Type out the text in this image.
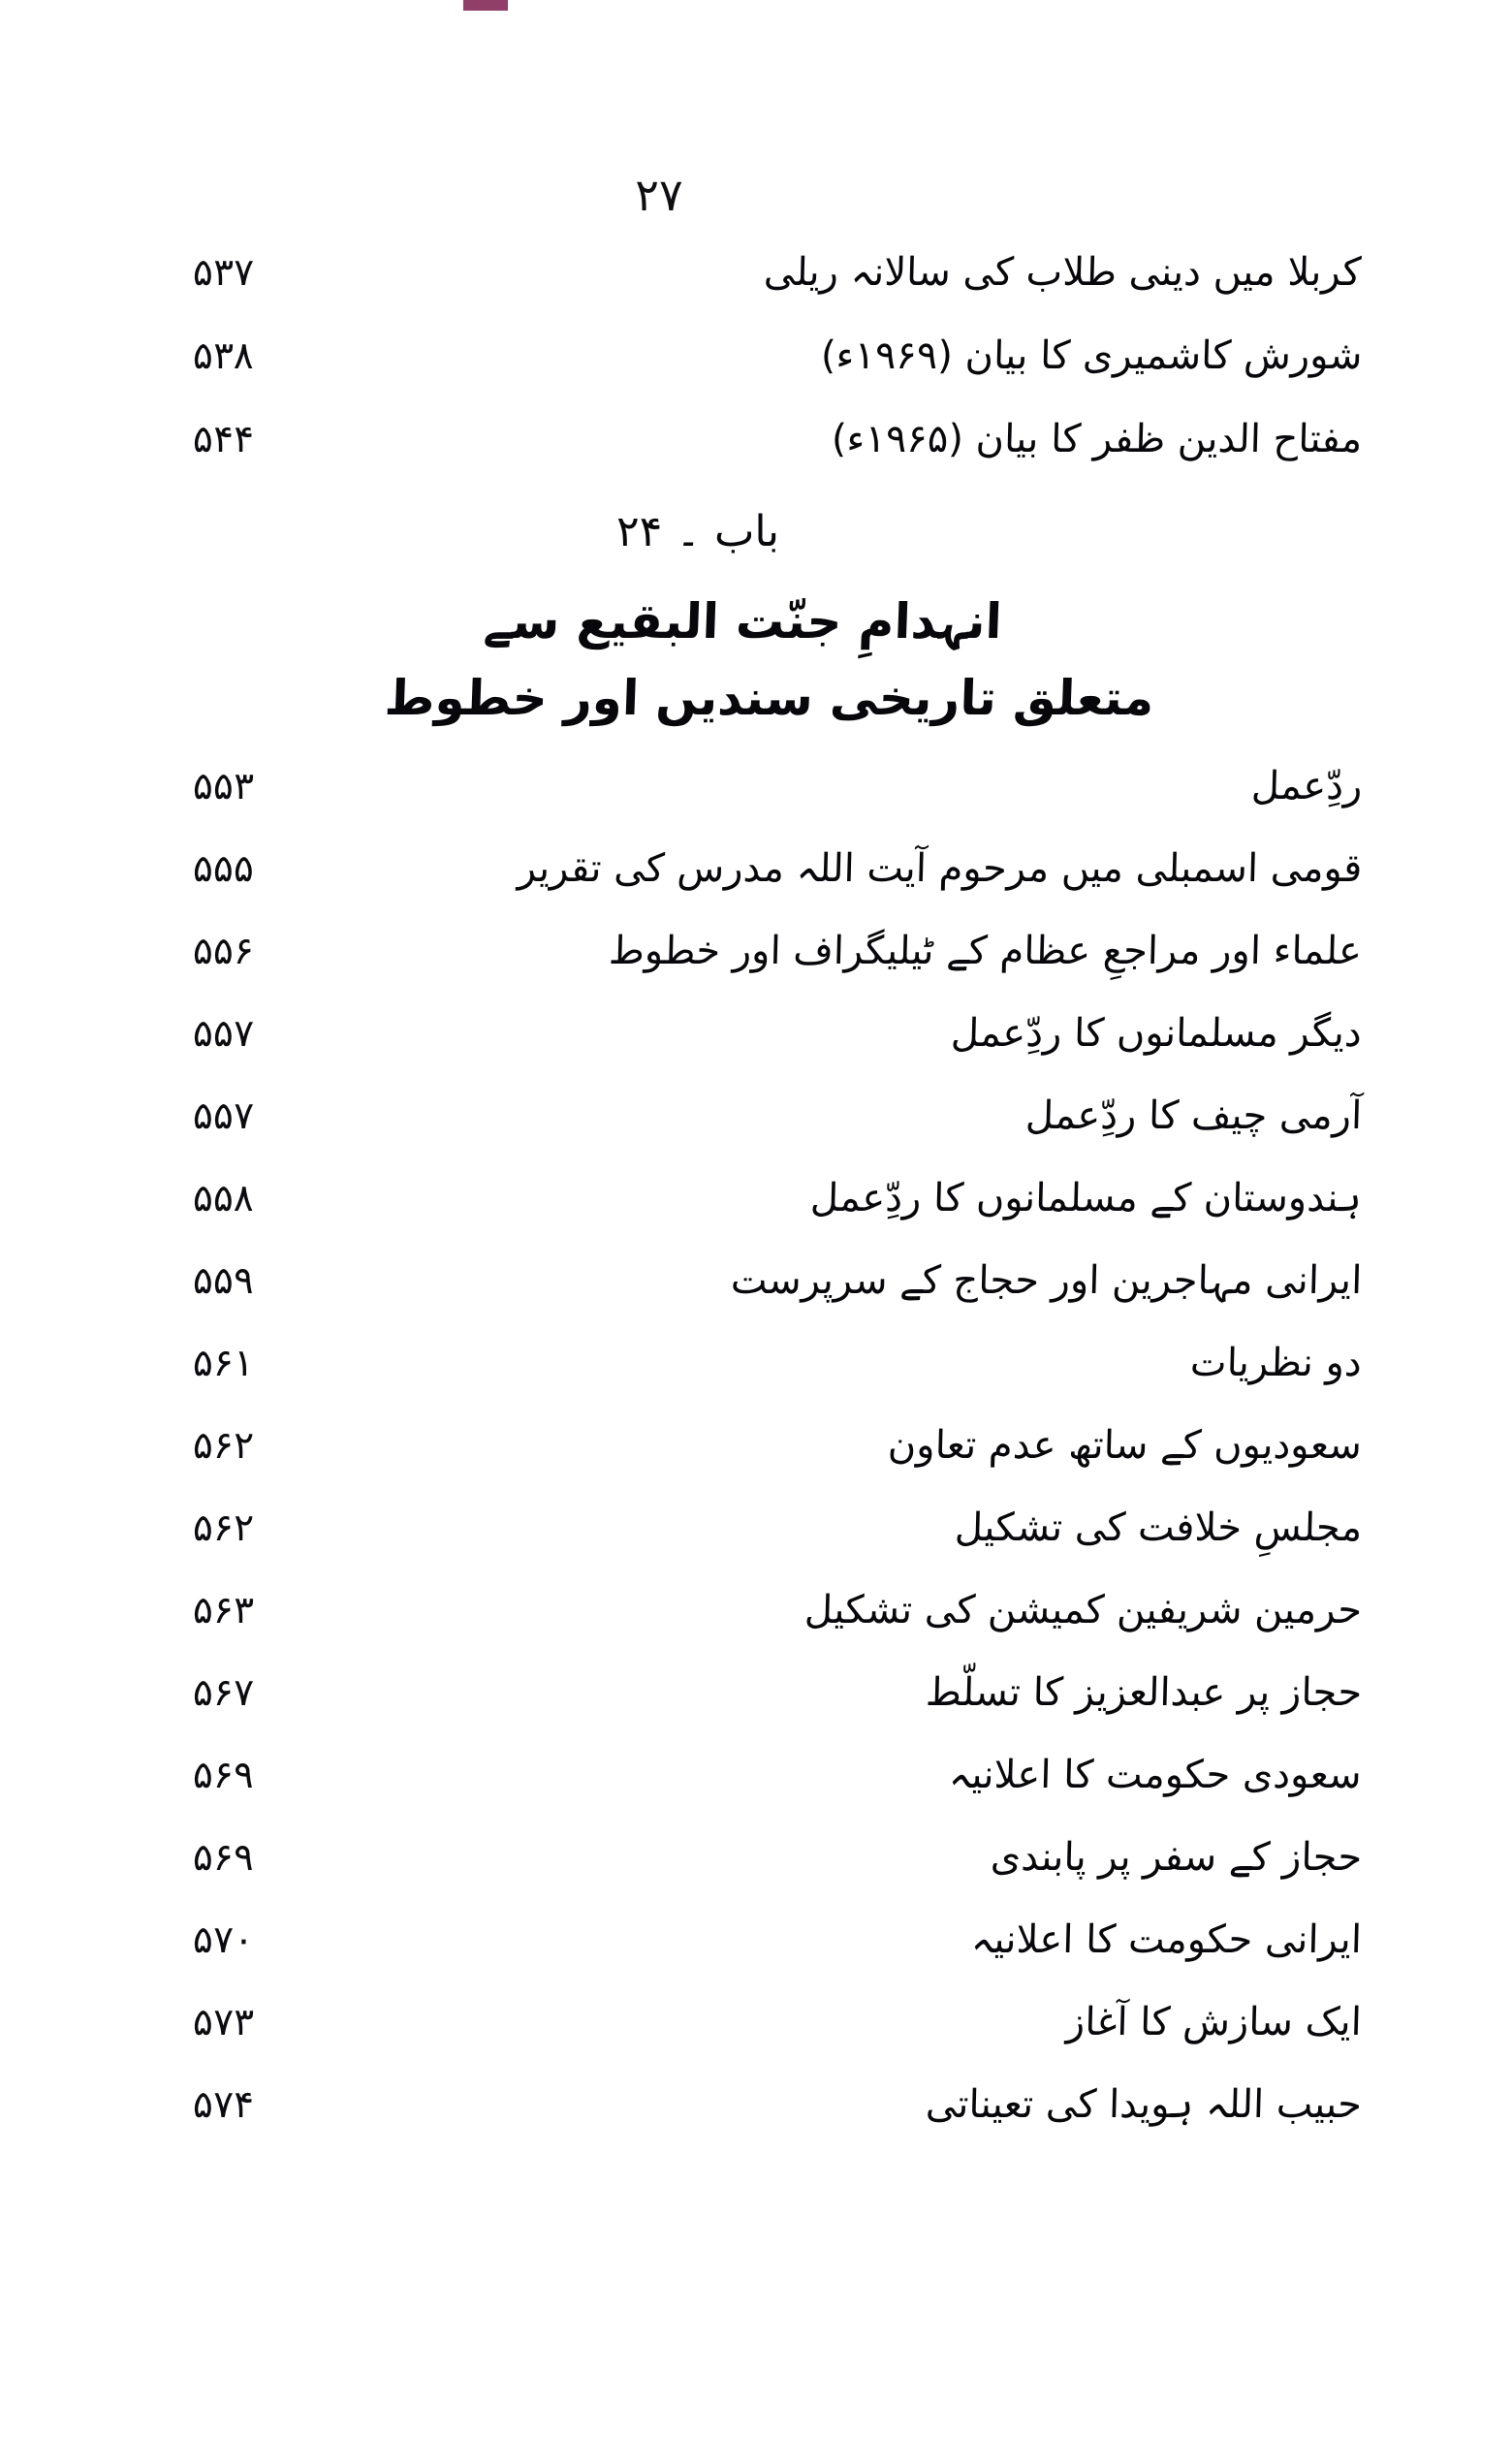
۲۷
کربلا میں دینی طلاب کی سالانہ ریلی
۵۳۷
شورش کاشمیری کا بیان (۱۹۶۹ء)
۵۳۸
مفتاح الدین ظفر کا بیان (۱۹۶۵ء)
۵۴۴
باب ۔ ۲۴
انہدامِ جنّت البقیع سے
متعلق تاریخی سندیں اور خطوط
ردِّعمل
۵۵۳
قومی اسمبلی میں مرحوم آیت اللہ مدرس کی تقریر
۵۵۵
علماء اور مراجعِ عظام کے ٹیلیگراف اور خطوط
۵۵۶
دیگر مسلمانوں کا ردِّعمل
۵۵۷
آرمی چیف کا ردِّعمل
۵۵۷
ہندوستان کے مسلمانوں کا ردِّعمل
۵۵۸
ایرانی مہاجرین اور حجاج کے سرپرست
۵۵۹
دو نظریات
۵۶۱
سعودیوں کے ساتھ عدم تعاون
۵۶۲
مجلسِ خلافت کی تشکیل
۵۶۲
حرمین شریفین کمیشن کی تشکیل
۵۶۳
حجاز پر عبدالعزیز کا تسلّط
۵۶۷
سعودی حکومت کا اعلانیہ
۵۶۹
حجاز کے سفر پر پابندی
۵۶۹
ایرانی حکومت کا اعلانیہ
۵۷۰
ایک سازش کا آغاز
۵۷۳
حبیب اللہ ہویدا کی تعیناتی
۵۷۴
